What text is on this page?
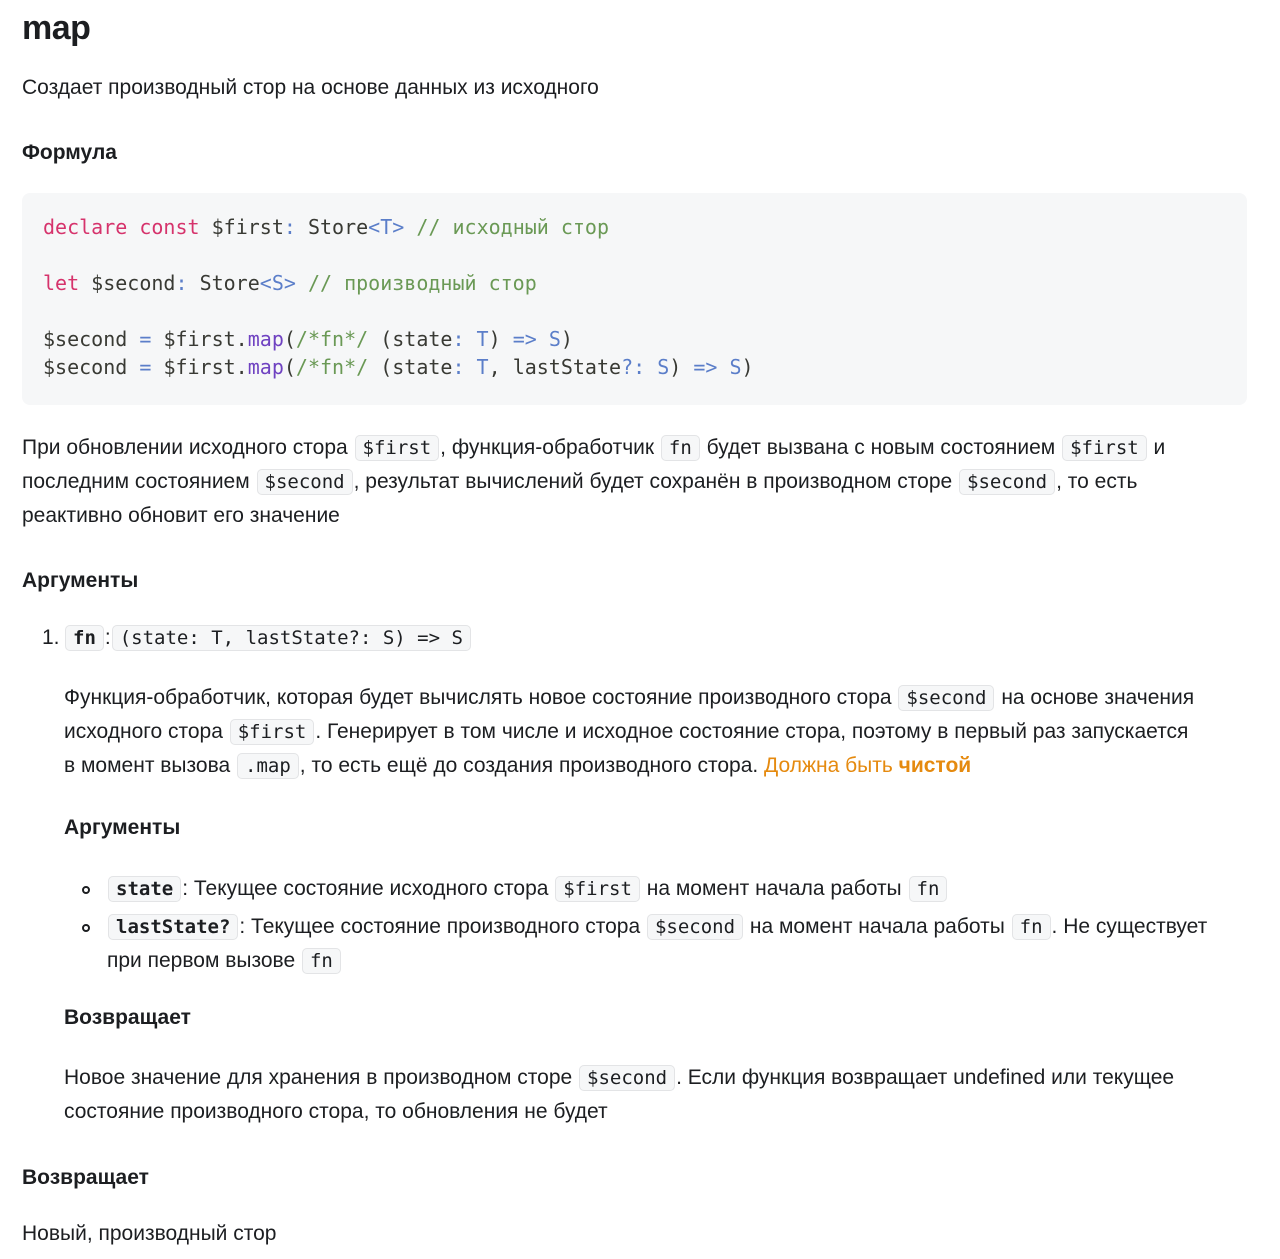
map

Создает производный стор на основе данных из исходного

Формула
declare const $first: Store<T> // исходный стор

let $second: Store<S> // производный стор

$second = $first.map(/*fn*/ (state: T) => S)
$second = $first.map(/*fn*/ (state: T, lastState?: S) => S)
При обновлении исходного стора $first , функция-обработчик fn будет вызвана с новым состоянием $first и
последним состоянием $second , результат вычислений будет сохранён в производном сторе $second , то есть
реактивно обновит его значение
Аргументы
1. fn : (state: T, lastState?: S) => S
Функция-обработчик, которая будет вычислять новое состояние производного стора $second на основе значения
исходного стора $first . Генерирует в том числе и исходное состояние стора, поэтому в первый раз запускается
в момент вызова .map , то есть ещё до создания производного стора. Должна быть чистой
Аргументы
state : Текущее состояние исходного стора $first на момент начала работы fn
lastState? : Текущее состояние производного стора $second на момент начала работы fn . Не существует
при первом вызове fn
Возвращает
Новое значение для хранения в производном сторе $second . Если функция возвращает undefined или текущее
состояние производного стора, то обновления не будет
Возвращает

Новый, производный стор
